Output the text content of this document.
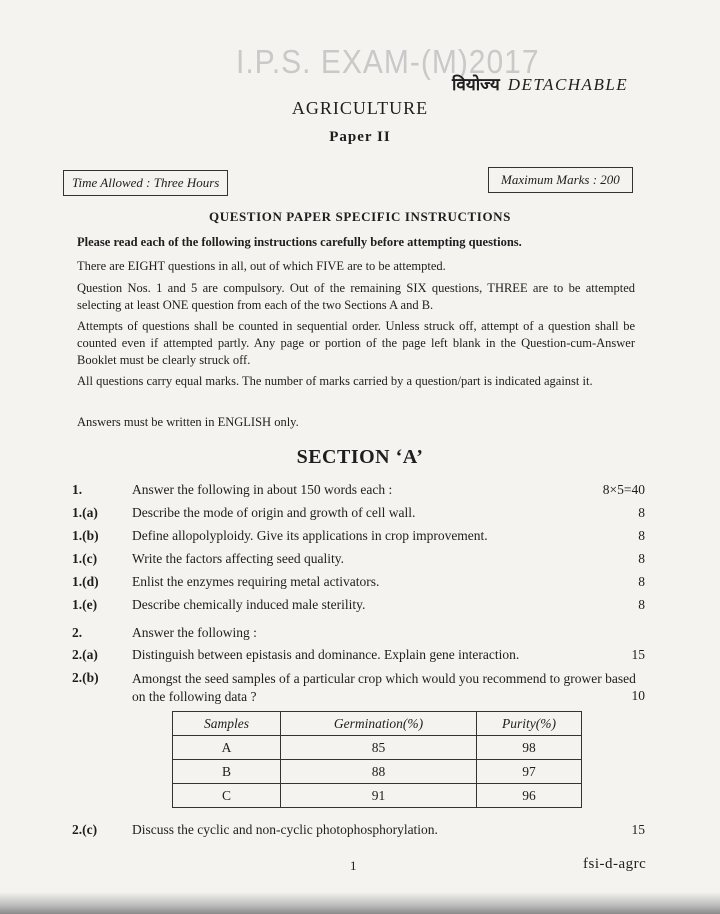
I.P.S. EXAM-(M)2017
वियोज्य DETACHABLE
AGRICULTURE
Paper II
Time Allowed : Three Hours	Maximum Marks : 200
QUESTION PAPER SPECIFIC INSTRUCTIONS
Please read each of the following instructions carefully before attempting questions.
There are EIGHT questions in all, out of which FIVE are to be attempted.
Question Nos. 1 and 5 are compulsory. Out of the remaining SIX questions, THREE are to be attempted selecting at least ONE question from each of the two Sections A and B.
Attempts of questions shall be counted in sequential order. Unless struck off, attempt of a question shall be counted even if attempted partly. Any page or portion of the page left blank in the Question-cum-Answer Booklet must be clearly struck off.
All questions carry equal marks. The number of marks carried by a question/part is indicated against it.
Answers must be written in ENGLISH only.
SECTION ‘A’
1.	Answer the following in about 150 words each :	8×5=40
1.(a)	Describe the mode of origin and growth of cell wall.	8
1.(b) Define allopolyploidy. Give its applications in crop improvement.	8
1.(c)	Write the factors affecting seed quality.	8
1.(d) Enlist the enzymes requiring metal activators.	8
1.(e)	Describe chemically induced male sterility.	8
2.	Answer the following :
2.(a)	Distinguish between epistasis and dominance. Explain gene interaction.	15
2.(b) Amongst the seed samples of a particular crop which would you recommend to grower based on the following data ?	10
Samples	Germination(%)	Purity(%)
A	85	98
B	88	97
C	91	96
2.(c)	Discuss the cyclic and non-cyclic photophosphorylation.	15
1	fsi-d-agrc
